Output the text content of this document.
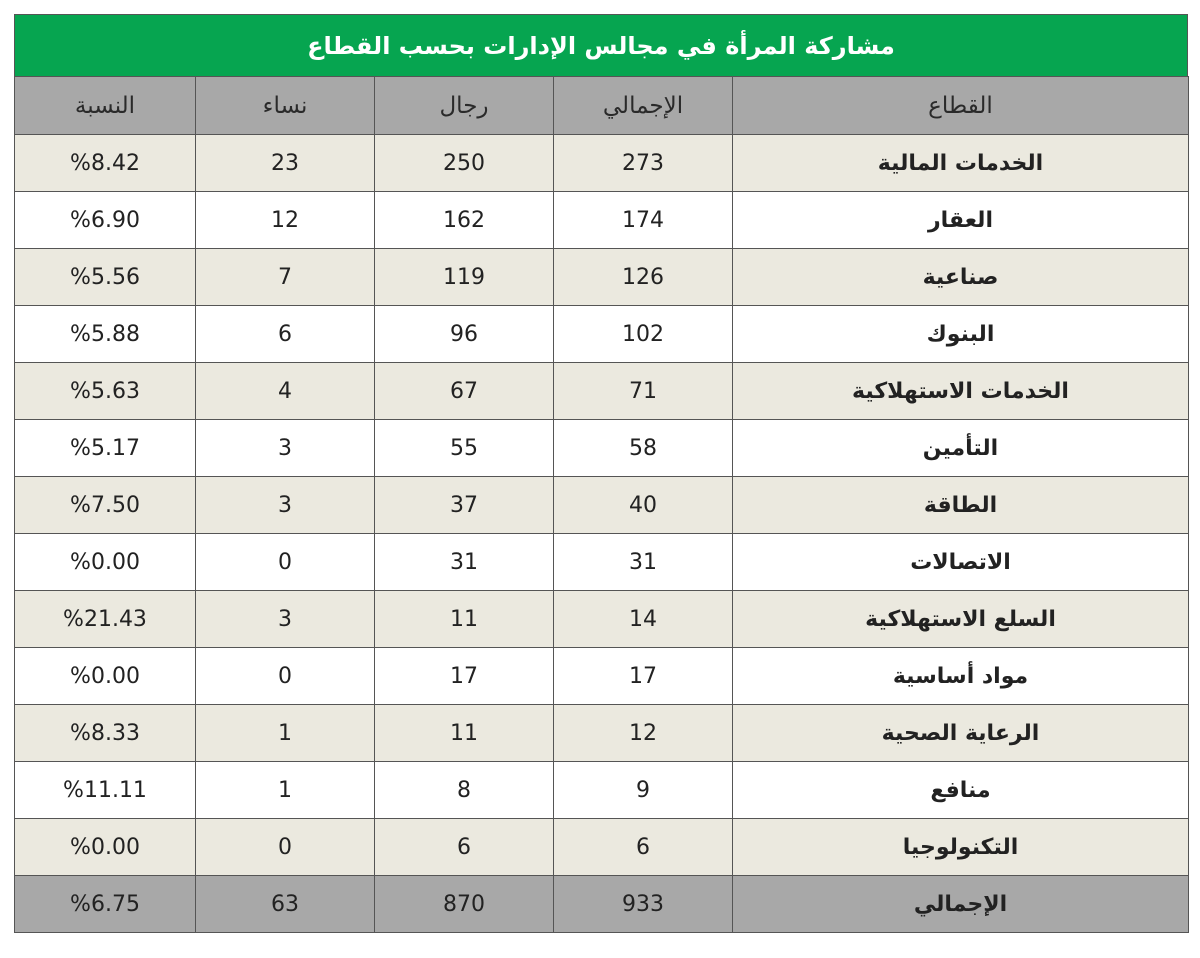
مشاركة المرأة في مجالس الإدارات بحسب القطاع
النسبة	نساء	رجال	الإجمالي	القطاع
%8.42	23	250	273	الخدمات المالية
%6.90	12	162	174	العقار
%5.56	7	119	126	صناعية
%5.88	6	96	102	البنوك
%5.63	4	67	71	الخدمات الاستهلاكية
%5.17	3	55	58	التأمين
%7.50	3	37	40	الطاقة
%0.00	0	31	31	الاتصالات
%21.43	3	11	14	السلع الاستهلاكية
%0.00	0	17	17	مواد أساسية
%8.33	1	11	12	الرعاية الصحية
%11.11	1	8	9	منافع
%0.00	0	6	6	التكنولوجيا
%6.75	63	870	933	الإجمالي
